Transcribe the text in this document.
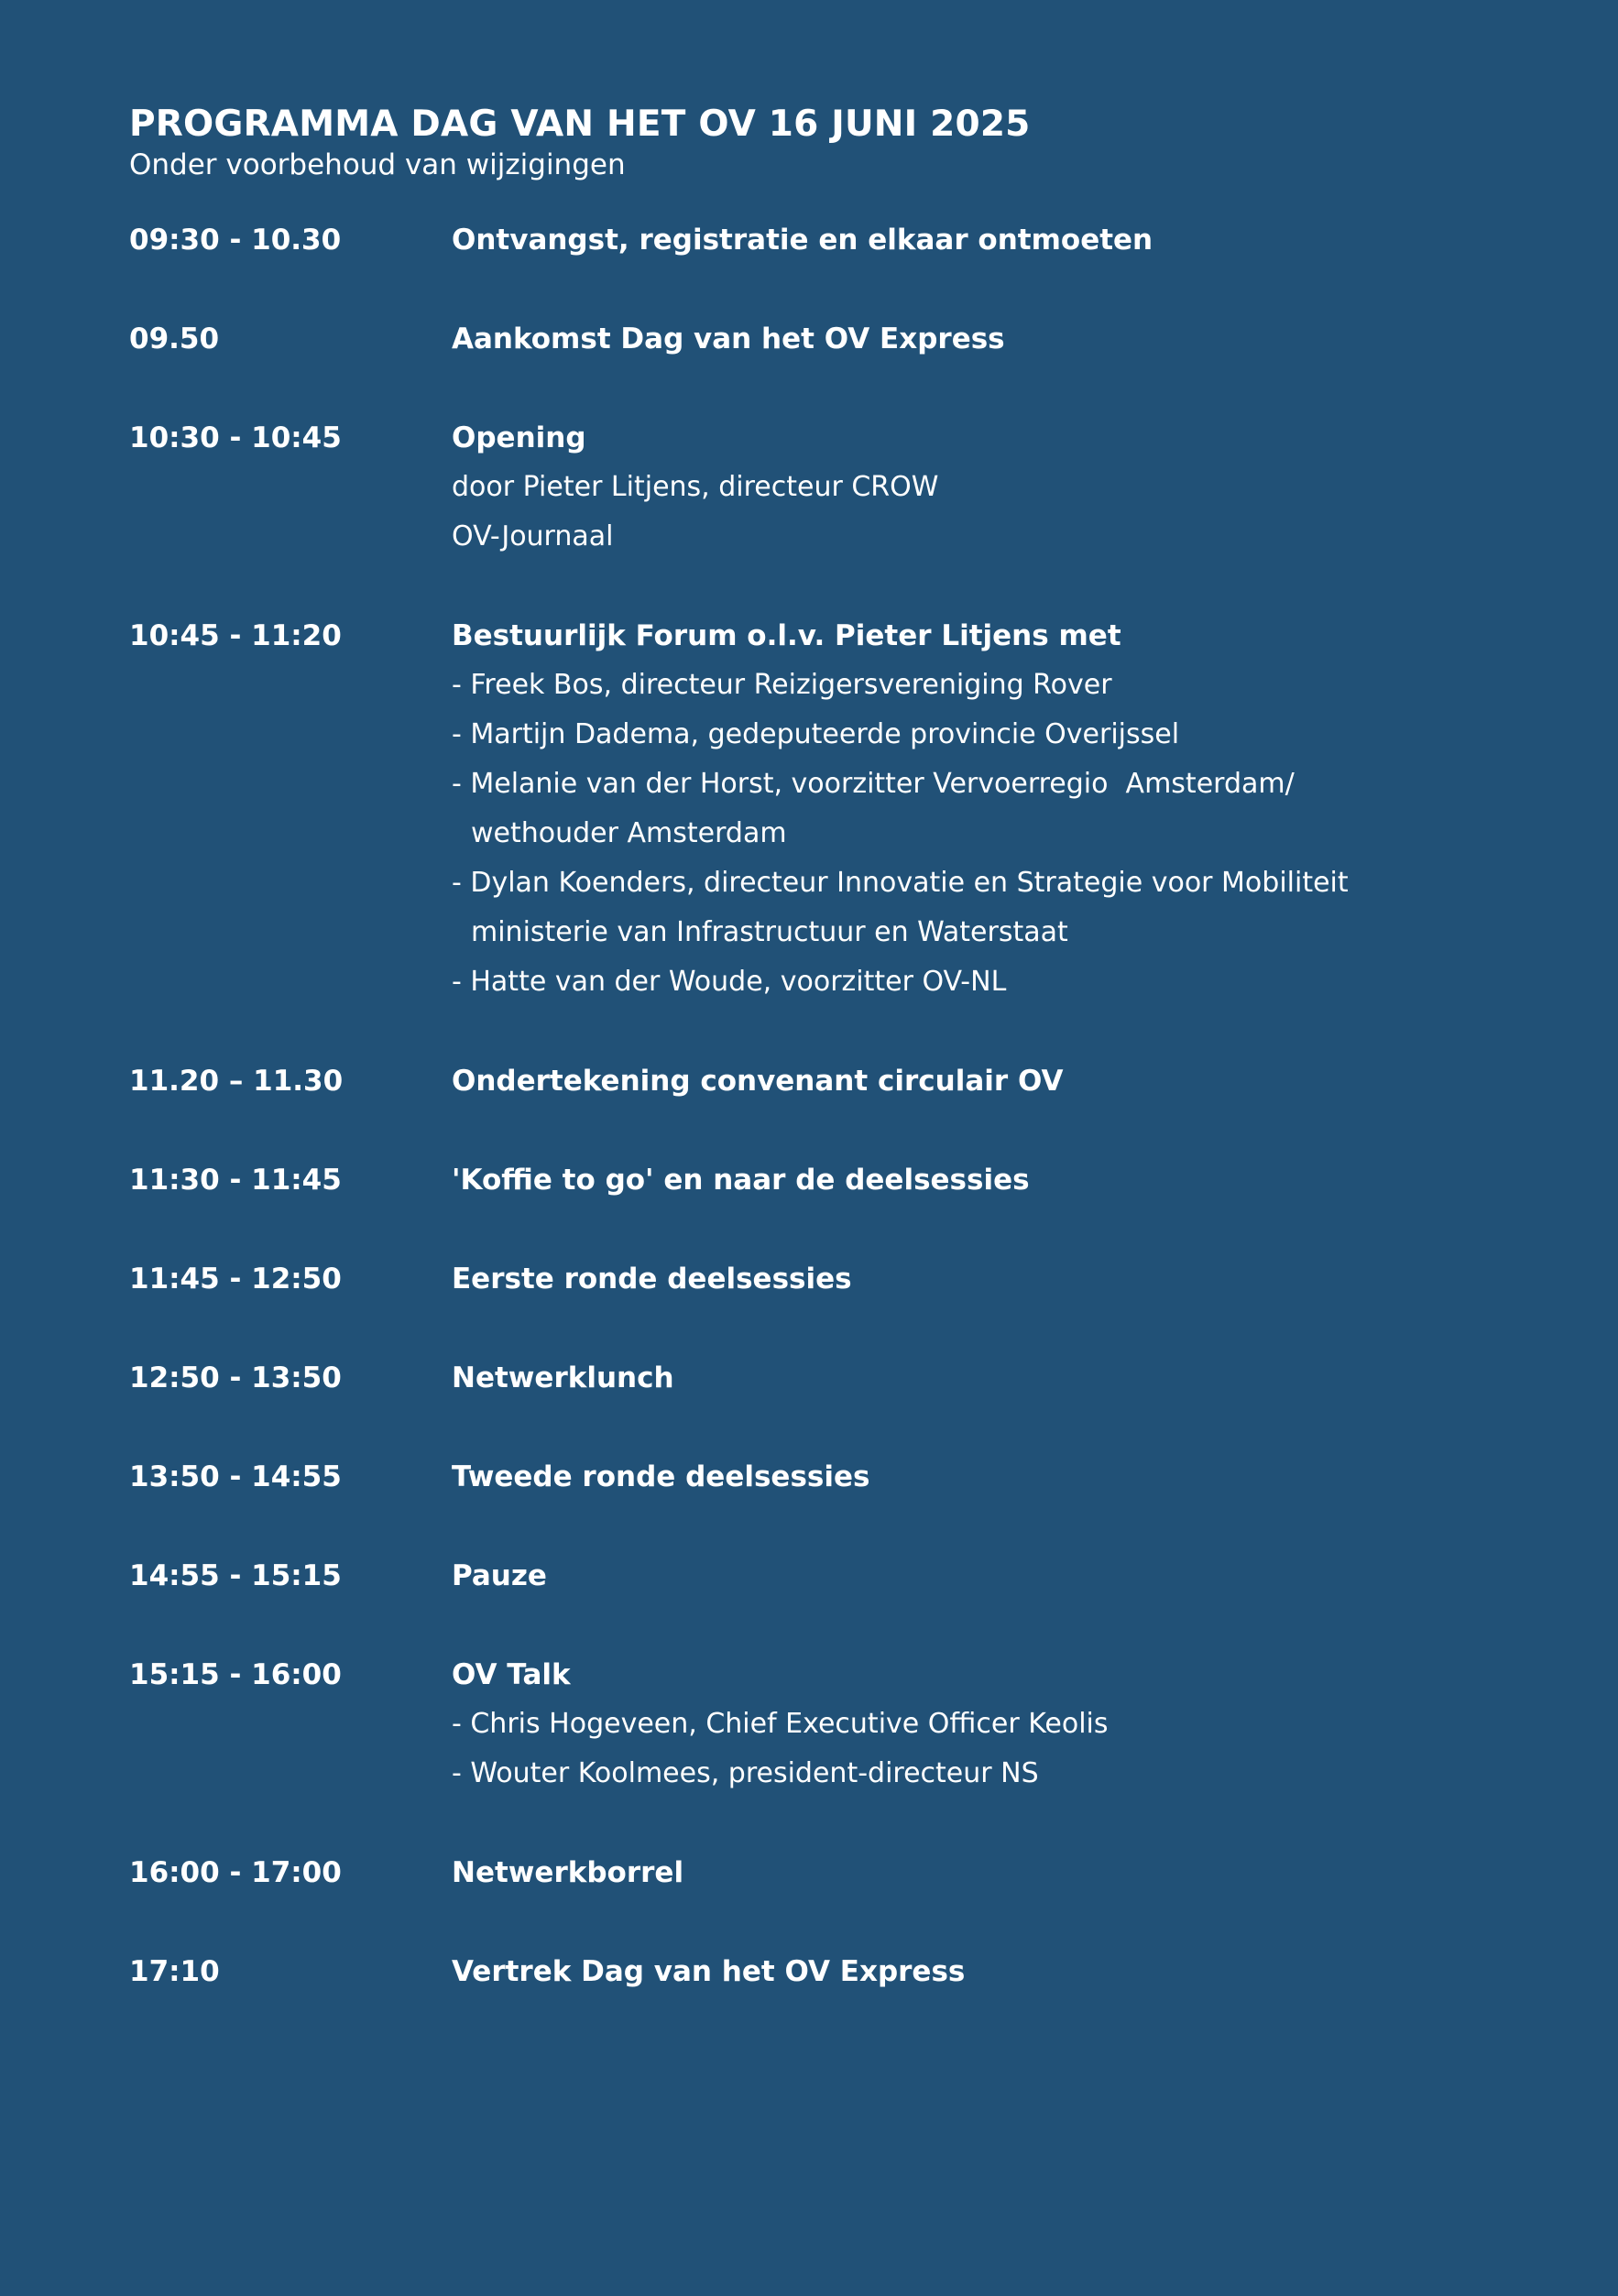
PROGRAMMA DAG VAN HET OV 16 JUNI 2025

Onder voorbehoud van wijzigingen

09:30 - 10.30	Ontvangst, registratie en elkaar ontmoeten
09.50	Aankomst Dag van het OV Express
10:30 - 10:45	Opening
door Pieter Litjens, directeur CROW
OV-Journaal
10:45 - 11:20	Bestuurlijk Forum o.l.v. Pieter Litjens met
- Freek Bos, directeur Reizigersvereniging Rover
- Martijn Dadema, gedeputeerde provincie Overijssel
- Melanie van der Horst, voorzitter Vervoerregio  Amsterdam/
wethouder Amsterdam
- Dylan Koenders, directeur Innovatie en Strategie voor Mobiliteit
ministerie van Infrastructuur en Waterstaat
- Hatte van der Woude, voorzitter OV-NL
11.20 – 11.30	Ondertekening convenant circulair OV
11:30 - 11:45	'Koffie to go' en naar de deelsessies
11:45 - 12:50	Eerste ronde deelsessies
12:50 - 13:50	Netwerklunch
13:50 - 14:55	Tweede ronde deelsessies
14:55 - 15:15	Pauze
15:15 - 16:00	OV Talk
- Chris Hogeveen, Chief Executive Officer Keolis
- Wouter Koolmees, president-directeur NS
16:00 - 17:00	Netwerkborrel
17:10	Vertrek Dag van het OV Express
